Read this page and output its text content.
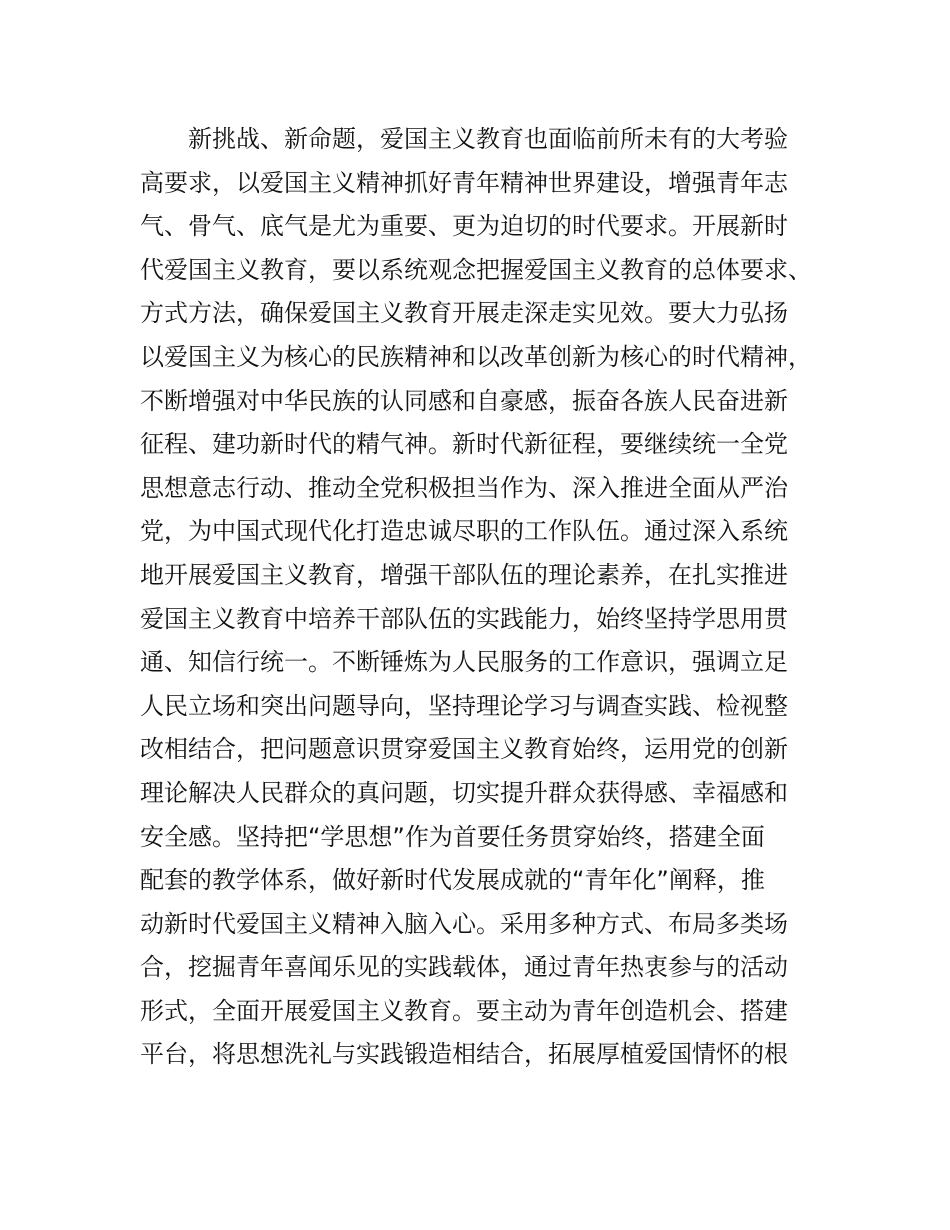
新挑战、新命题，爱国主义教育也面临前所未有的大考验
高要求，以爱国主义精神抓好青年精神世界建设，增强青年志
气、骨气、底气是尤为重要、更为迫切的时代要求。开展新时
代爱国主义教育，要以系统观念把握爱国主义教育的总体要求、
方式方法，确保爱国主义教育开展走深走实见效。要大力弘扬
以爱国主义为核心的民族精神和以改革创新为核心的时代精神，
不断增强对中华民族的认同感和自豪感，振奋各族人民奋进新
征程、建功新时代的精气神。新时代新征程，要继续统一全党
思想意志行动、推动全党积极担当作为、深入推进全面从严治
党，为中国式现代化打造忠诚尽职的工作队伍。通过深入系统
地开展爱国主义教育，增强干部队伍的理论素养，在扎实推进
爱国主义教育中培养干部队伍的实践能力，始终坚持学思用贯
通、知信行统一。不断锤炼为人民服务的工作意识，强调立足
人民立场和突出问题导向，坚持理论学习与调查实践、检视整
改相结合，把问题意识贯穿爱国主义教育始终，运用党的创新
理论解决人民群众的真问题，切实提升群众获得感、幸福感和
安全感。坚持把“学思想”作为首要任务贯穿始终，搭建全面
配套的教学体系，做好新时代发展成就的“青年化”阐释，推
动新时代爱国主义精神入脑入心。采用多种方式、布局多类场
合，挖掘青年喜闻乐见的实践载体，通过青年热衷参与的活动
形式，全面开展爱国主义教育。要主动为青年创造机会、搭建
平台，将思想洗礼与实践锻造相结合，拓展厚植爱国情怀的根
